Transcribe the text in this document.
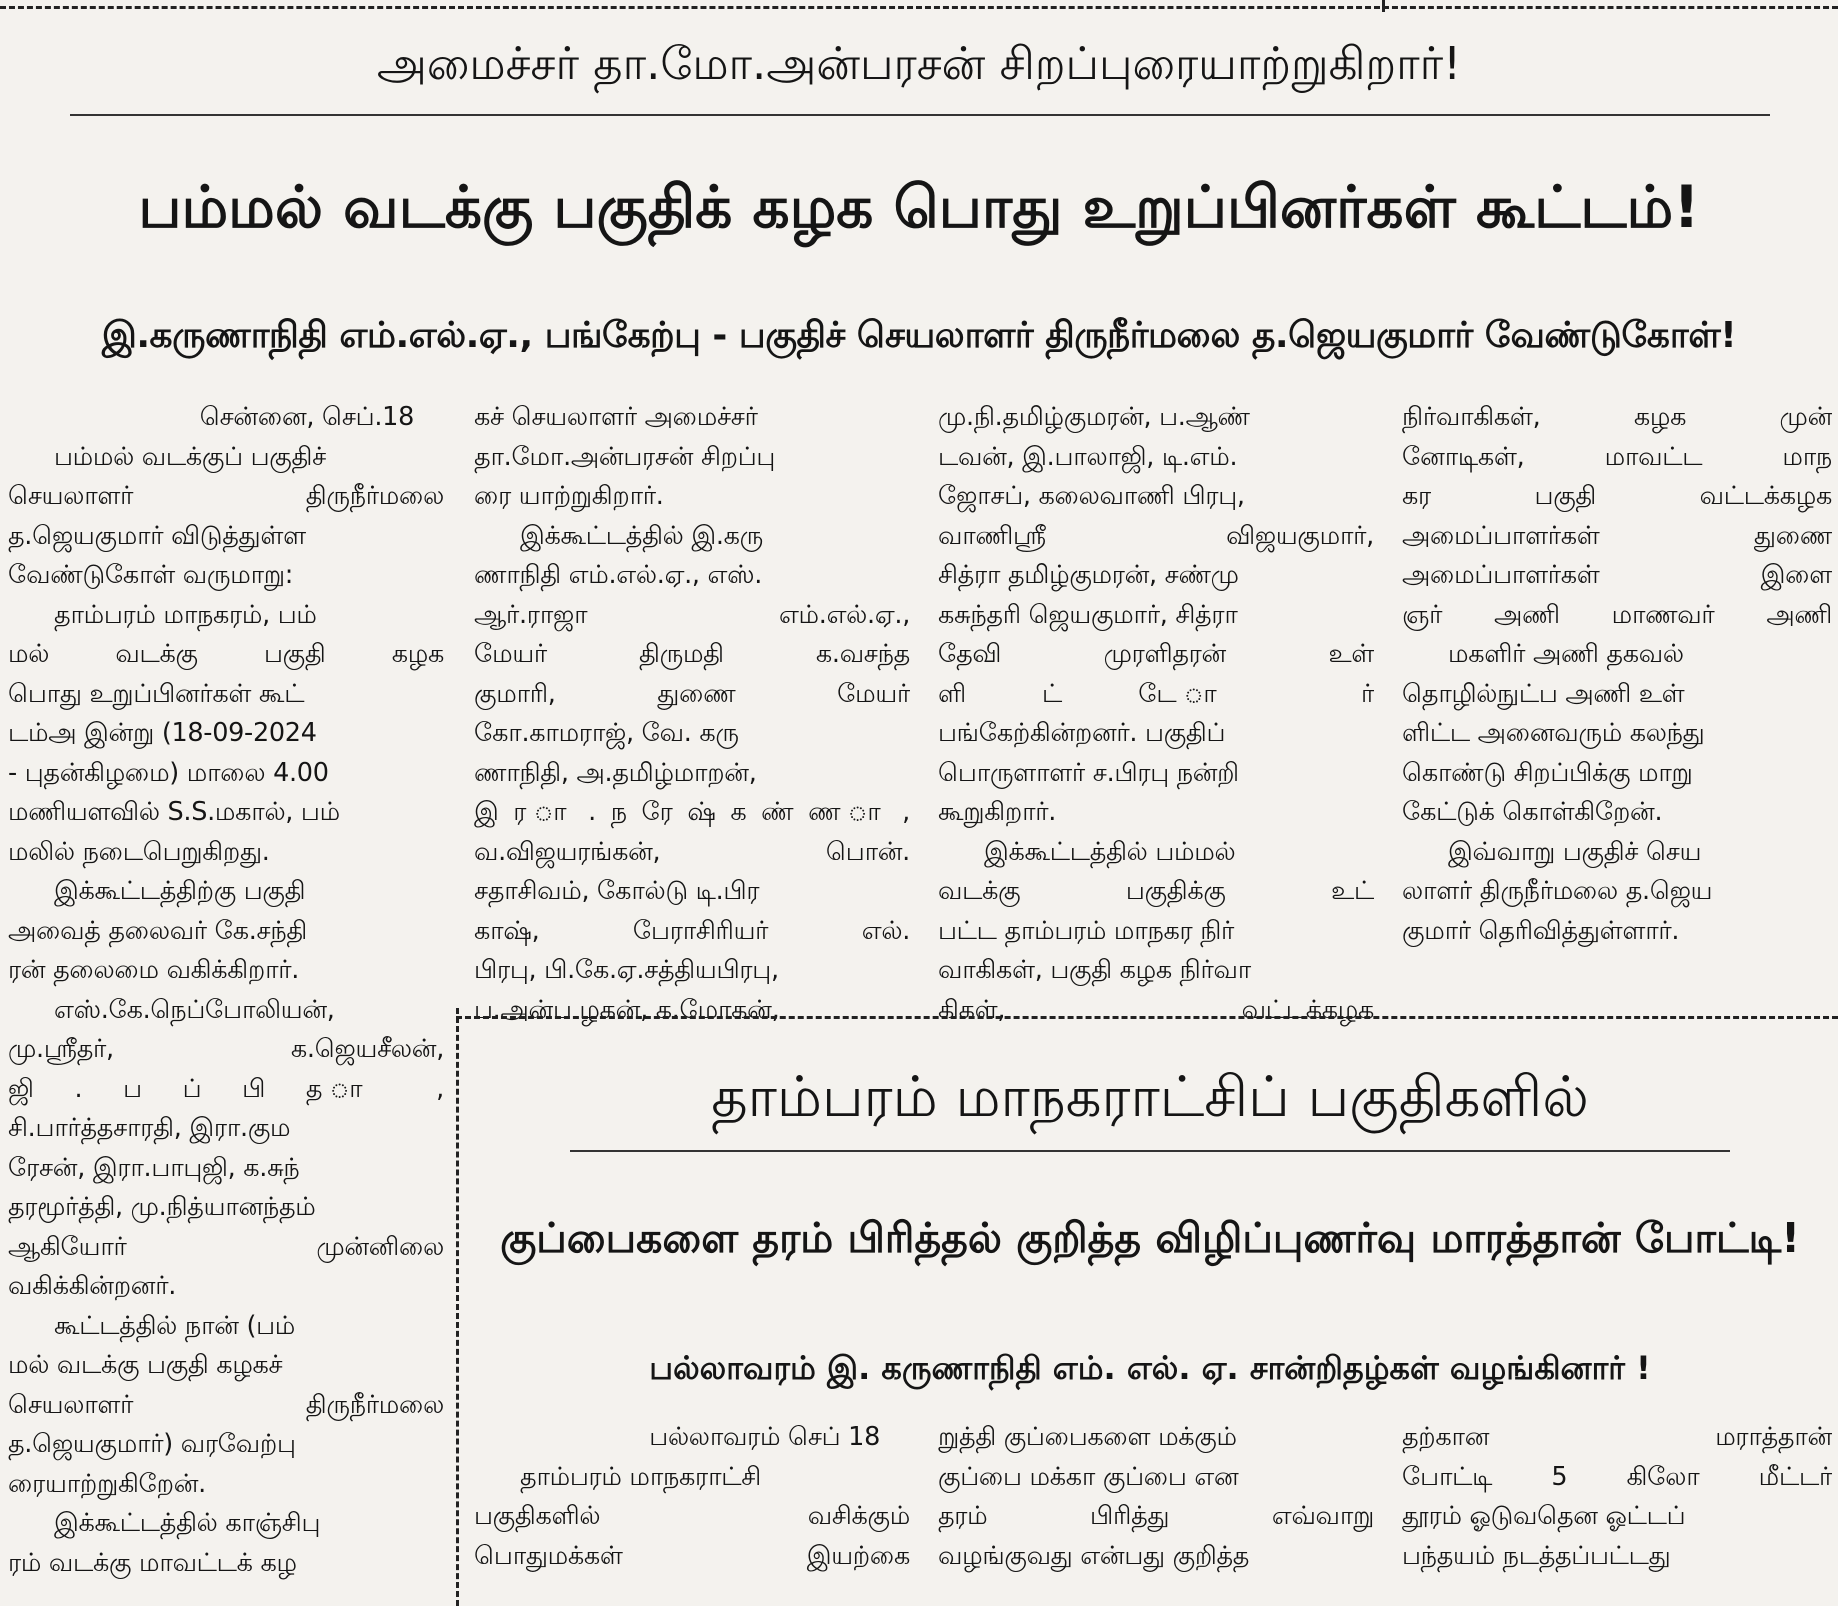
அமைச்சர் தா.மோ.அன்பரசன் சிறப்புரையாற்றுகிறார்!
பம்மல் வடக்கு பகுதிக் கழக பொது உறுப்பினர்கள் கூட்டம்!
இ.கருணாநிதி எம்.எல்.ஏ., பங்கேற்பு - பகுதிச் செயலாளர் திருநீர்மலை த.ஜெயகுமார் வேண்டுகோள்!
சென்னை, செப்.18
பம்மல் வடக்குப் பகுதிச்
செயலாளர் திருநீர்மலை
த.ஜெயகுமார் விடுத்துள்ள
வேண்டுகோள் வருமாறு:
தாம்பரம் மாநகரம், பம்
மல் வடக்கு பகுதி கழக
பொது உறுப்பினர்கள் கூட்
டம்அ இன்று (18-09-2024
- புதன்கிழமை) மாலை 4.00
மணியளவில் S.S.மகால், பம்
மலில் நடைபெறுகிறது.
இக்கூட்டத்திற்கு பகுதி
அவைத் தலைவர் கே.சந்தி
ரன் தலைமை வகிக்கிறார்.
எஸ்.கே.நெப்போலியன்,
மு.ஸ்ரீதர், க.ஜெயசீலன்,
ஜி . ப ப் பி த ா ,
சி.பார்த்தசாரதி, இரா.கும
ரேசன், இரா.பாபுஜி, க.சுந்
தரமூர்த்தி, மு.நித்யானந்தம்
ஆகியோர் முன்னிலை
வகிக்கின்றனர்.
கூட்டத்தில் நான் (பம்
மல் வடக்கு பகுதி கழகச்
செயலாளர் திருநீர்மலை
த.ஜெயகுமார்) வரவேற்பு
ரையாற்றுகிறேன்.
இக்கூட்டத்தில் காஞ்சிபு
ரம் வடக்கு மாவட்டக் கழ
கச் செயலாளர் அமைச்சர்
தா.மோ.அன்பரசன் சிறப்பு
ரை யாற்றுகிறார்.
இக்கூட்டத்தில் இ.கரு
ணாநிதி எம்.எல்.ஏ., எஸ்.
ஆர்.ராஜா எம்.எல்.ஏ.,
மேயர் திருமதி க.வசந்த
குமாரி, துணை மேயர்
கோ.காமராஜ், வே. கரு
ணாநிதி, அ.தமிழ்மாறன்,
இ ர ா . ந ரே ஷ் க ண் ண ா ,
வ.விஜயரங்கன், பொன்.
சதாசிவம், கோல்டு டி.பிர
காஷ், பேராசிரியர் எல்.
பிரபு, பி.கே.ஏ.சத்தியபிரபு,
ப.அன்ப ழகன், க.மோகன்,
மு.நி.தமிழ்குமரன், ப.ஆண்
டவன், இ.பாலாஜி, டி.எம்.
ஜோசப், கலைவாணி பிரபு,
வாணிஸ்ரீ விஜயகுமார்,
சித்ரா தமிழ்குமரன், சண்மு
கசுந்தரி ஜெயகுமார், சித்ரா
தேவி முரளிதரன் உள்
ளி ட் டே ா ர்
பங்கேற்கின்றனர். பகுதிப்
பொருளாளர் ச.பிரபு நன்றி
கூறுகிறார்.
இக்கூட்டத்தில் பம்மல்
வடக்கு பகுதிக்கு உட்
பட்ட தாம்பரம் மாநகர நிர்
வாகிகள், பகுதி கழக நிர்வா
கிகள், வட்டக்கழக
நிர்வாகிகள், கழக முன்
னோடிகள், மாவட்ட மாந
கர பகுதி வட்டக்கழக
அமைப்பாளர்கள் துணை
அமைப்பாளர்கள் இளை
ஞர் அணி மாணவர் அணி
மகளிர் அணி தகவல்
தொழில்நுட்ப அணி உள்
ளிட்ட அனைவரும் கலந்து
கொண்டு சிறப்பிக்கு மாறு
கேட்டுக் கொள்கிறேன்.
இவ்வாறு பகுதிச் செய
லாளர் திருநீர்மலை த.ஜெய
குமார் தெரிவித்துள்ளார்.
தாம்பரம் மாநகராட்சிப் பகுதிகளில்
குப்பைகளை தரம் பிரித்தல் குறித்த விழிப்புணர்வு மாரத்தான் போட்டி!
பல்லாவரம் இ. கருணாநிதி எம். எல். ஏ. சான்றிதழ்கள் வழங்கினார் !
பல்லாவரம் செப் 18
தாம்பரம் மாநகராட்சி
பகுதிகளில் வசிக்கும்
பொதுமக்கள் இயற்கை
றுத்தி குப்பைகளை மக்கும்
குப்பை மக்கா குப்பை என
தரம் பிரித்து எவ்வாறு
வழங்குவது என்பது குறித்த
தற்கான மராத்தான்
போட்டி 5 கிலோ மீட்டர்
தூரம் ஓடுவதென ஓட்டப்
பந்தயம் நடத்தப்பட்டது
